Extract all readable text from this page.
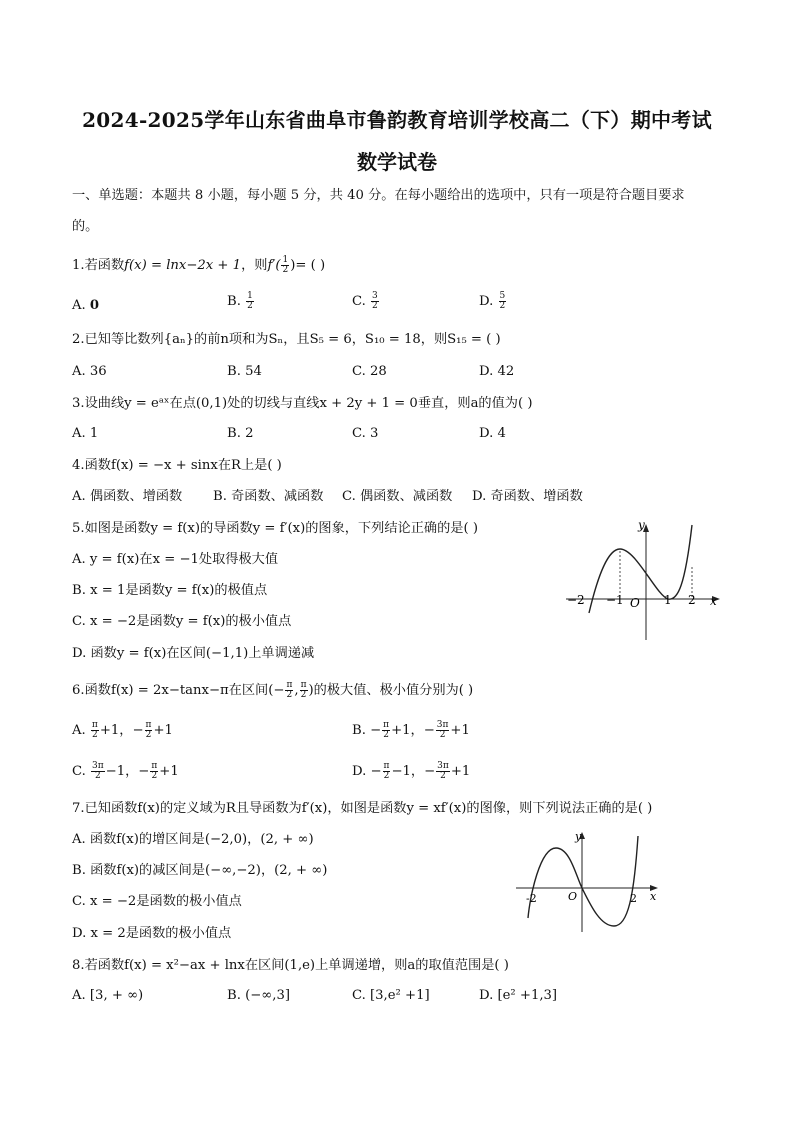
2024-2025学年山东省曲阜市鲁韵教育培训学校高二（下）期中考试
数学试卷
一、单选题：本题共 8 小题，每小题 5 分，共 40 分。在每小题给出的选项中，只有一项是符合题目要求
的。
1.若函数f(x) = lnx−2x + 1，则$f'( \frac{1}{2}$ )= ( )
A. 0	B. $\frac{1}{2}$	C. $\frac{3}{2}$	D. $\frac{5}{2}$
2.已知等比数列{aₙ}的前n项和为Sₙ，且S₅ = 6，S₁₀ = 18，则S₁₅ = ( )
A. 36	B. 54	C. 28	D. 42
3.设曲线y = eᵃˣ在点(0,1)处的切线与直线x + 2y + 1 = 0垂直，则a的值为( )
A. 1	B. 2	C. 3	D. 4
4.函数f(x) = −x + sinx在R上是( )
A. 偶函数、增函数 B. 奇函数、减函数 C. 偶函数、减函数 D. 奇函数、增函数
5.如图是函数y = f(x)的导函数y = f′(x)的图象，下列结论正确的是( )
A. y = f(x)在x = −1处取得极大值
B. x = 1是函数y = f(x)的极值点
C. x = −2是函数y = f(x)的极小值点
D. 函数y = f(x)在区间(−1,1)上单调递减
y
x
O
−2 −1	1 2
6.函数f(x) = 2x−tanx−π在区间(− $\frac{\pi}{2}$ , $\frac{\pi}{2}$ )的极大值、极小值分别为( )
A. $\frac{\pi}{2} +1$，− $\frac{\pi}{2} +1$	B. − $\frac{\pi}{2} +1$，− $\frac{3\pi}{2} +1$
C. $\frac{3\pi}{2} -1$，− $\frac{\pi}{2} +1$	D. − $\frac{\pi}{2} -1$，− $\frac{3\pi}{2} +1$
7.已知函数f(x)的定义域为R且导函数为f′(x)，如图是函数y = xf′(x)的图像，则下列说法正确的是( )
A. 函数f(x)的增区间是(−2,0)，(2, + ∞)
B. 函数f(x)的减区间是(−∞,−2)，(2, + ∞)
C. x = −2是函数的极小值点
D. x = 2是函数的极小值点
y
x
O
-2	2
8.若函数f(x) = x²−ax + lnx在区间(1,e)上单调递增，则a的取值范围是( )
A. [3, + ∞)	B. (−∞,3]	C. [3,e² +1]	D. [e² +1,3]
